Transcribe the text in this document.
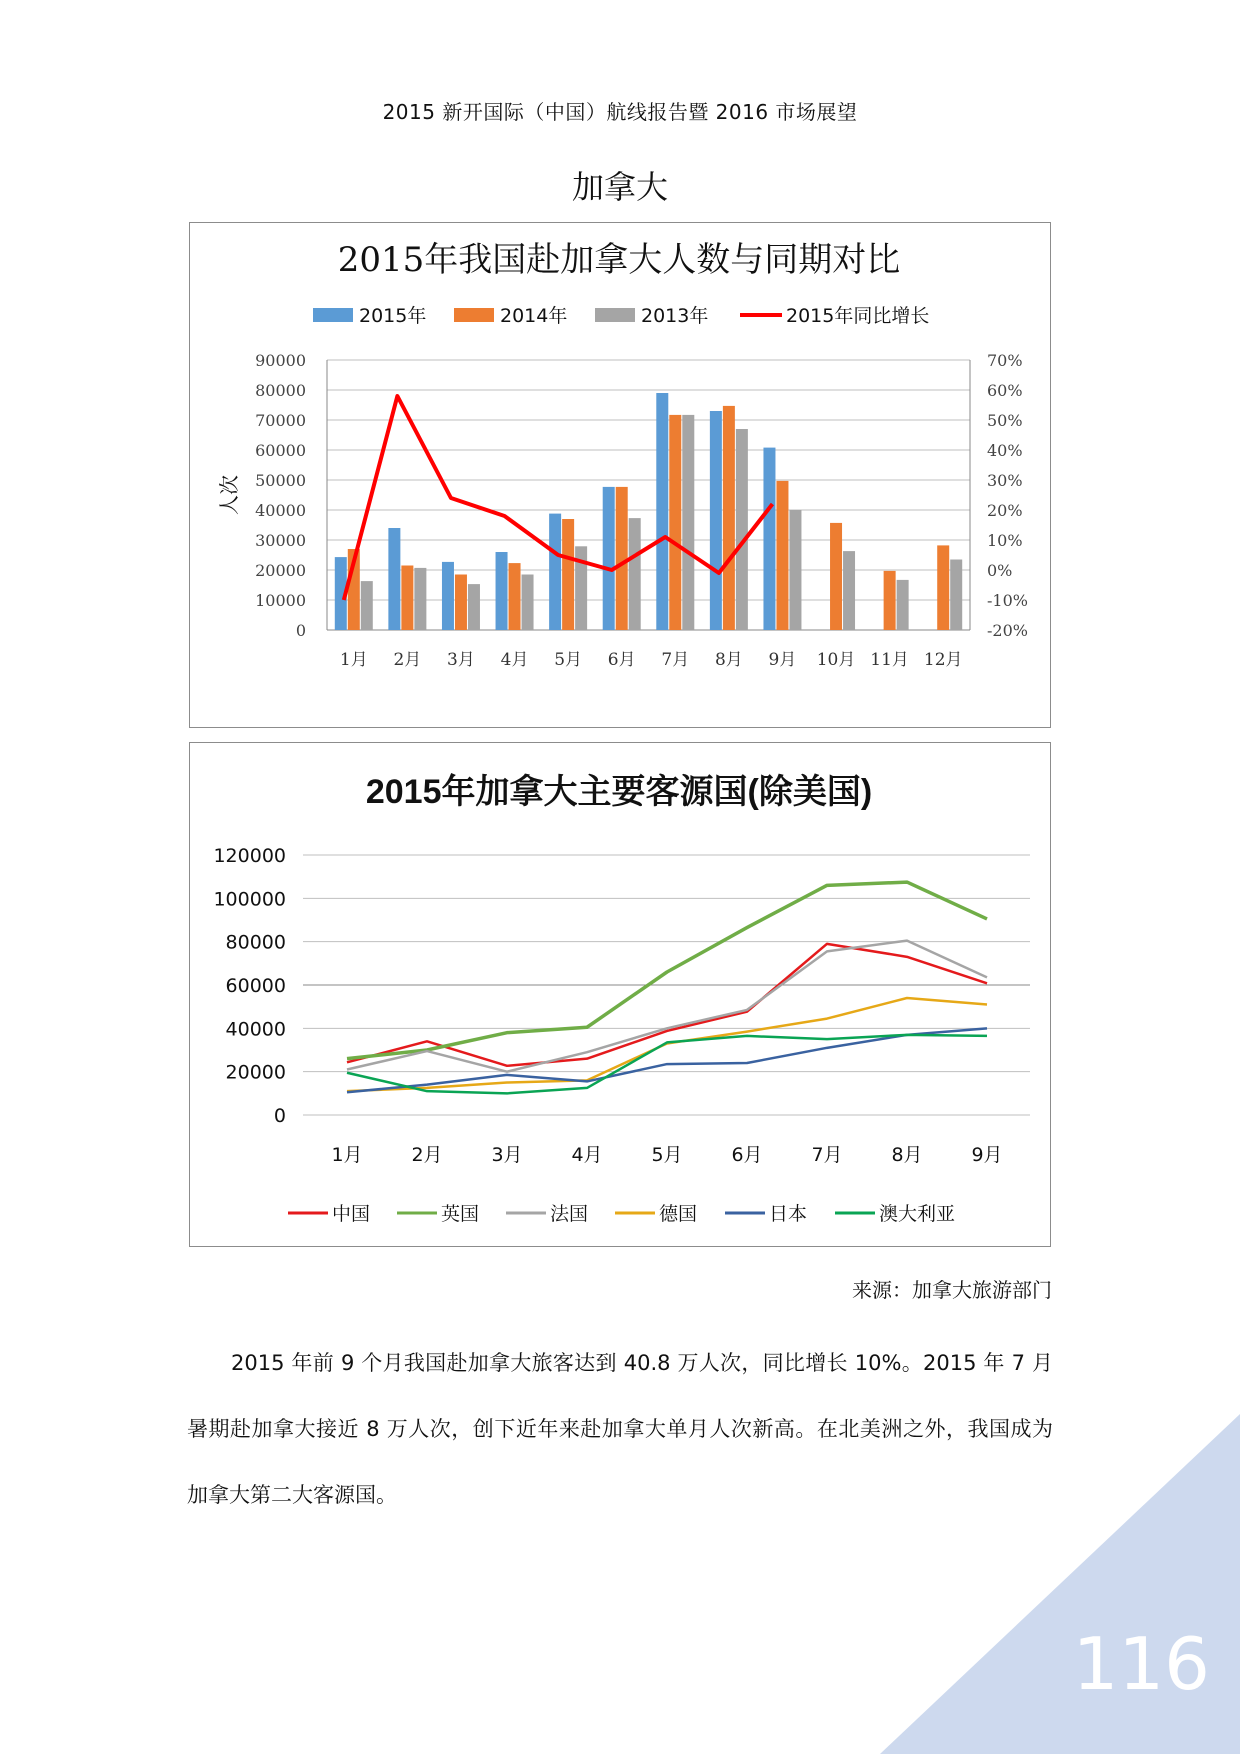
2015 新开国际（中国）航线报告暨 2016 市场展望
加拿大
2015年我国赴加拿大人数与同期对比
2015年	2014年	2013年	2015年同比增长
90000
80000
70000
60000
50000
40000
30000
20000
10000
0
70%
60%
50%
40%
30%
20%
10%
0%
-10%
-20%
人次
1月 2月 3月 4月 5月 6月 7月 8月 9月 10月 11月 12月
2015年加拿大主要客源国(除美国)
120000
100000
80000
60000
40000
20000
0
1月	2月	3月	4月	5月	6月	7月	8月	9月
中国	英国	法国	德国	日本	澳大利亚
来源：加拿大旅游部门

2015 年前 9 个月我国赴加拿大旅客达到 40.8 万人次，同比增长 10%。2015 年 7 月暑期赴加拿大接近 8 万人次，创下近年来赴加拿大单月人次新高。在北美洲之外，我国成为加拿大第二大客源国。

116
